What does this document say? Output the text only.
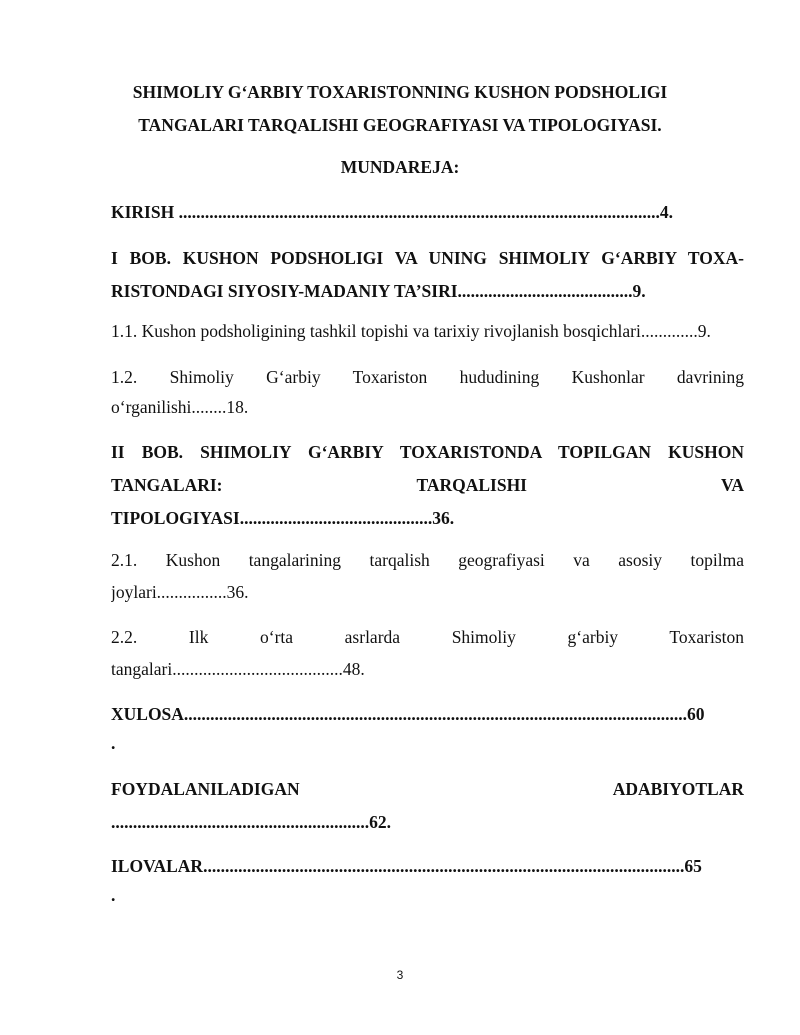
SHIMOLIY G‘ARBIY TOXARISTONNING KUSHON PODSHOLIGI

TANGALARI TARQALISHI GEOGRAFIYASI VA TIPOLOGIYASI.

MUNDAREJA:

KIRISH ..............................................................................................................4.

I BOB. KUSHON PODSHOLIGI VA UNING SHIMOLIY G‘ARBIY TOXA-

RISTONDAGI SIYOSIY-MADANIY TA’SIRI........................................9.

1.1. Kushon podsholigining tashkil topishi va tarixiy rivojlanish bosqichlari.............9.

1.2. Shimoliy G‘arbiy Toxariston hududining Kushonlar davrining

o‘rganilishi........18.

II BOB. SHIMOLIY G‘ARBIY TOXARISTONDA TOPILGAN KUSHON

TANGALARI: TARQALISHI VA

TIPOLOGIYASI............................................36.

2.1. Kushon tangalarining tarqalish geografiyasi va asosiy topilma

joylari................36.

2.2. Ilk o‘rta asrlarda Shimoliy g‘arbiy Toxariston

tangalari.......................................48.

XULOSA...................................................................................................................60

.

FOYDALANILADIGAN ADABIYOTLAR

...........................................................62.

ILOVALAR..............................................................................................................65

.

3
